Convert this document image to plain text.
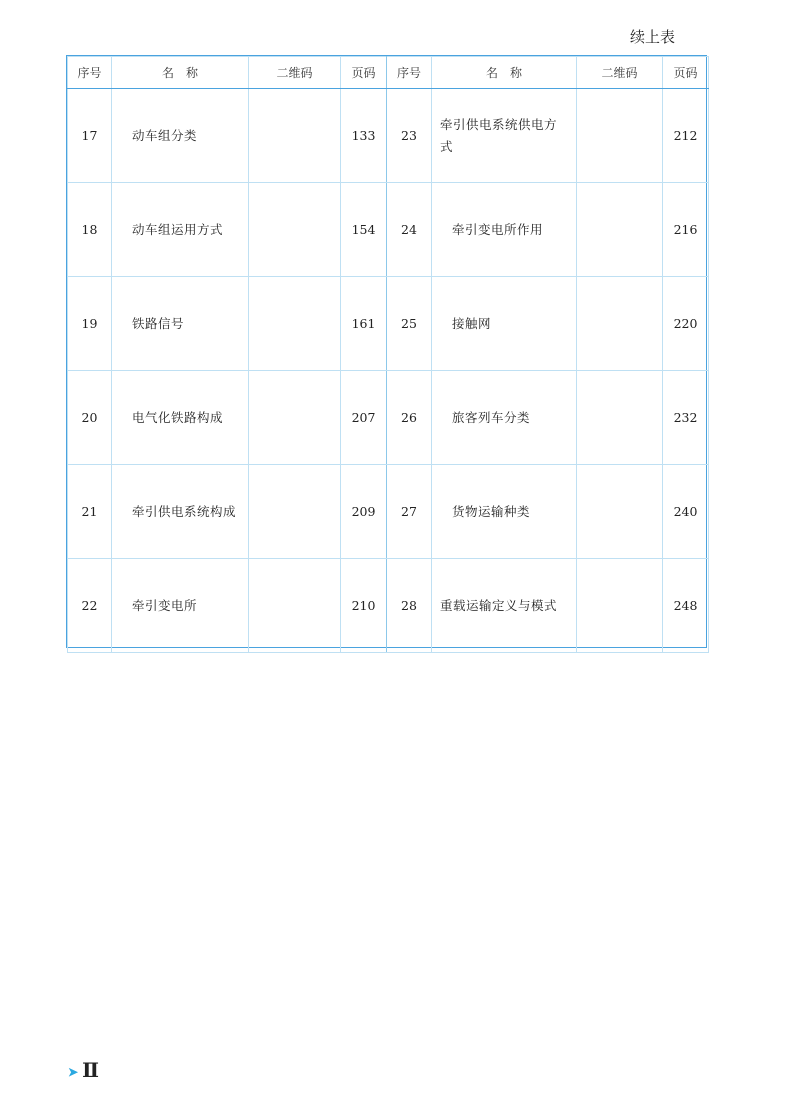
续上表
序号	名　称	二维码	页码	序号	名　称	二维码	页码
17	动车组分类		133	23	牵引供电系统供电方式		212
18	动车组运用方式		154	24	牵引变电所作用		216
19	铁路信号		161	25	接触网		220
20	电气化铁路构成		207	26	旅客列车分类		232
21	牵引供电系统构成		209	27	货物运输种类		240
22	牵引变电所		210	28	重载运输定义与模式		248
➤ Ⅱ
